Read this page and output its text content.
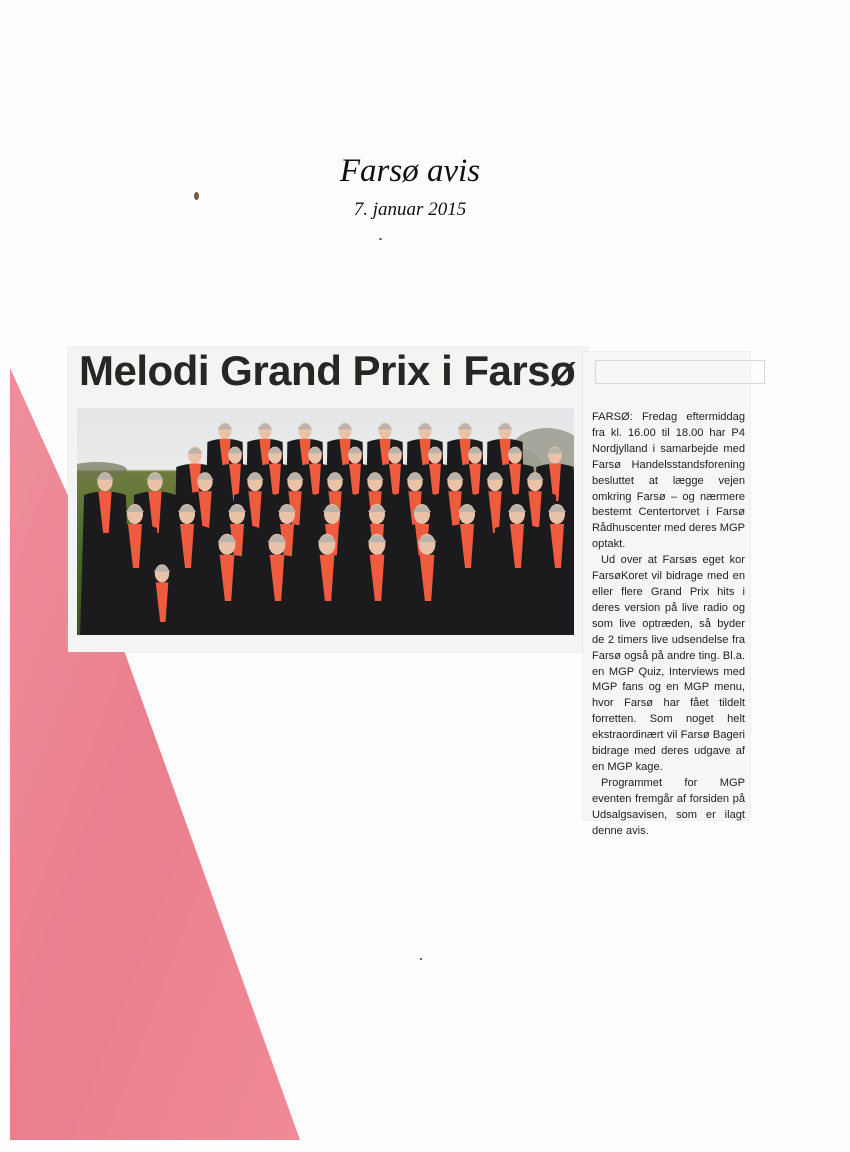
Farsø avis
7. januar 2015
Melodi Grand Prix i Farsø

FARSØ: Fredag eftermiddag fra kl. 16.00 til 18.00 har P4 Nordjylland i samarbejde med Farsø Handelsstandsforening besluttet at lægge vejen omkring Farsø – og nærmere bestemt Centertorvet i Farsø Rådhuscenter med deres MGP optakt.

Ud over at Farsøs eget kor FarsøKoret vil bidrage med en eller flere Grand Prix hits i deres version på live radio og som live optræden, så byder de 2 timers live udsendelse fra Farsø også på andre ting. Bl.a. en MGP Quiz, Interviews med MGP fans og en MGP menu, hvor Farsø har fået tildelt forretten. Som noget helt ekstraordinært vil Farsø Bageri bidrage med deres udgave af en MGP kage.

Programmet for MGP eventen fremgår af forsiden på Udsalgsavisen, som er ilagt denne avis.
